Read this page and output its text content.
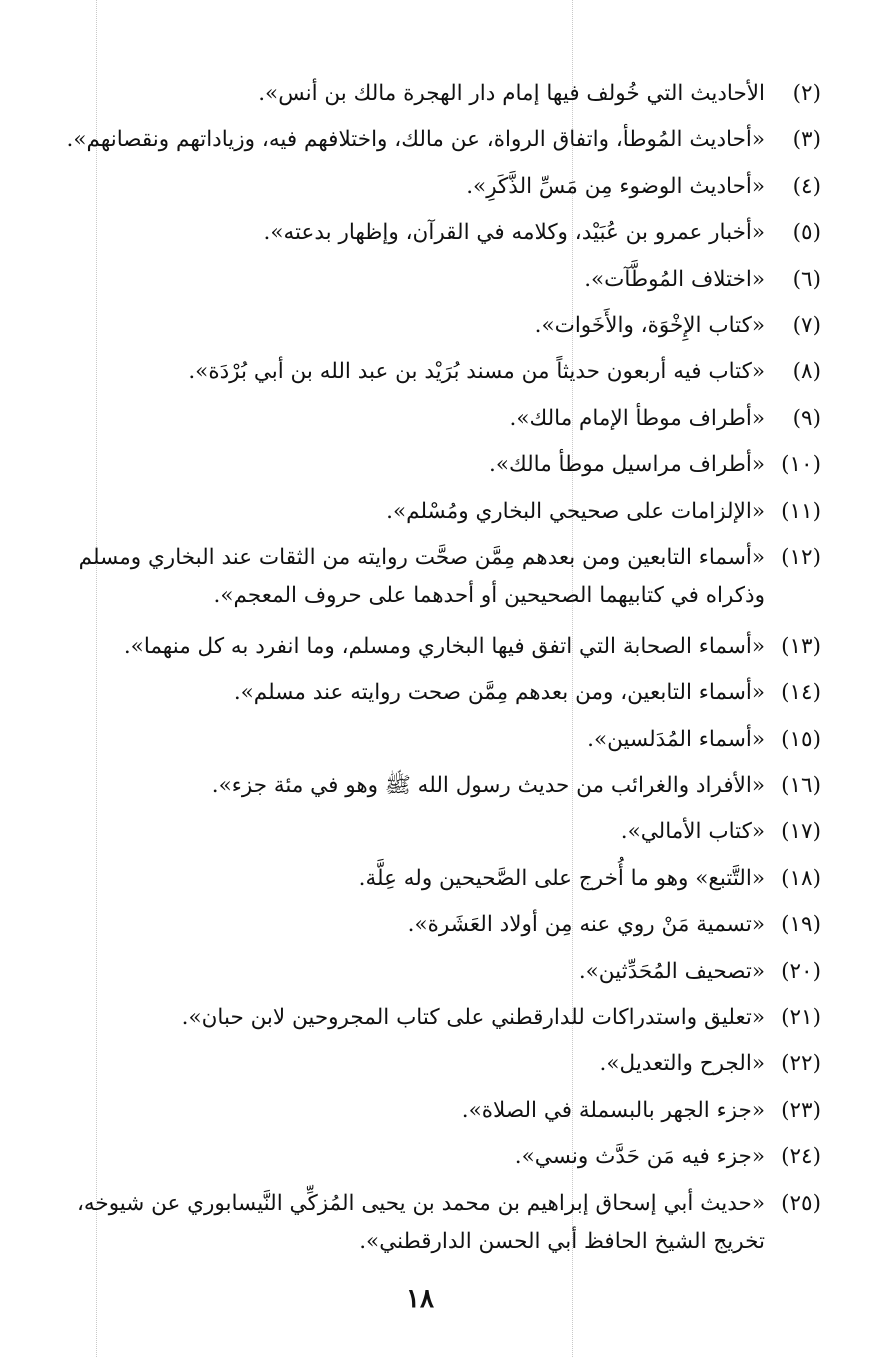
(٢)
الأحاديث التي خُولف فيها إمام دار الهجرة مالك بن أنس».
(٣)
«أحاديث المُوطأ، واتفاق الرواة، عن مالك، واختلافهم فيه، وزياداتهم ونقصانهم».
(٤)
«أحاديث الوضوء مِن مَسِّ الذَّكَرِ».
(٥)
«أخبار عمرو بن عُبَيْد، وكلامه في القرآن، وإظهار بدعته».
(٦)
«اختلاف المُوطَّآت».
(٧)
«كتاب الإِخْوَة، والأَخَوات».
(٨)
«كتاب فيه أربعون حديثاً من مسند بُرَيْد بن عبد الله بن أبي بُرْدَة».
(٩)
«أطراف موطأ الإمام مالك».
(١٠)
«أطراف مراسيل موطأ مالك».
(١١)
«الإلزامات على صحيحي البخاري ومُسْلم».
(١٢)
«أسماء التابعين ومن بعدهم مِمَّن صحَّت روايته من الثقات عند البخاري ومسلم وذكراه في كتابيهما الصحيحين أو أحدهما على حروف المعجم».
(١٣)
«أسماء الصحابة التي اتفق فيها البخاري ومسلم، وما انفرد به كل منهما».
(١٤)
«أسماء التابعين، ومن بعدهم مِمَّن صحت روايته عند مسلم».
(١٥)
«أسماء المُدَلسين».
(١٦)
«الأفراد والغرائب من حديث رسول الله ﷺ وهو في مئة جزء».
(١٧)
«كتاب الأمالي».
(١٨)
«التَّتبع» وهو ما أُخرج على الصَّحيحين وله عِلَّة.
(١٩)
«تسمية مَنْ روي عنه مِن أولاد العَشَرة».
(٢٠)
«تصحيف المُحَدِّثين».
(٢١)
«تعليق واستدراكات للدارقطني على كتاب المجروحين لابن حبان».
(٢٢)
«الجرح والتعديل».
(٢٣)
«جزء الجهر بالبسملة في الصلاة».
(٢٤)
«جزء فيه مَن حَدَّث ونسي».
(٢٥)
«حديث أبي إسحاق إبراهيم بن محمد بن يحيى المُزكِّي النَّيسابوري عن شيوخه، تخريج الشيخ الحافظ أبي الحسن الدارقطني».
١٨
